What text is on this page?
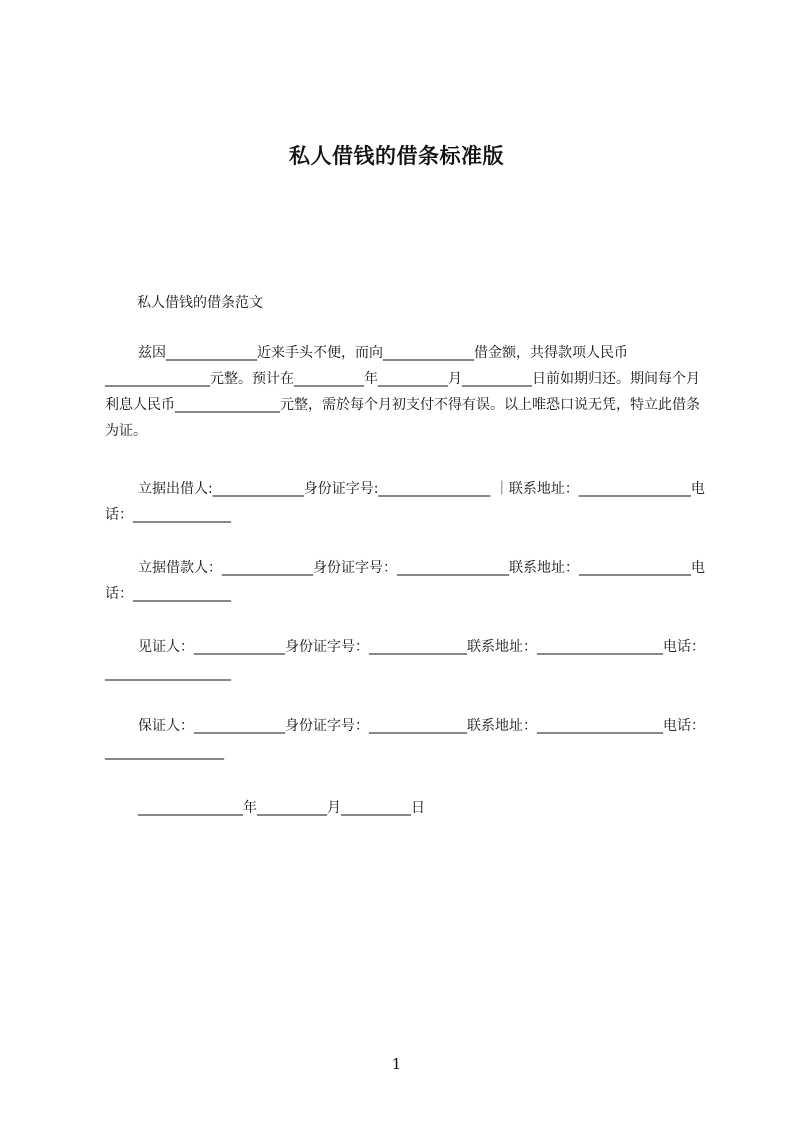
私人借钱的借条标准版
私人借钱的借条范文

兹因_____________近来手头不便，而向_____________借金额，共得款项人民币_______________元整。预计在__________年__________月__________日前如期归还。期间每个月利息人民币_______________元整，需於每个月初支付不得有误。以上唯恐口说无凭，特立此借条为证。

立据出借人:_____________身份证字号:________________ ｜联系地址：________________电话：______________

立据借款人：_____________身份证字号：________________联系地址：________________电话：______________

见证人：_____________身份证字号：______________联系地址：__________________电话：__________________

保证人：_____________身份证字号：______________联系地址：__________________电话：_________________

_______________年__________月__________日

1
